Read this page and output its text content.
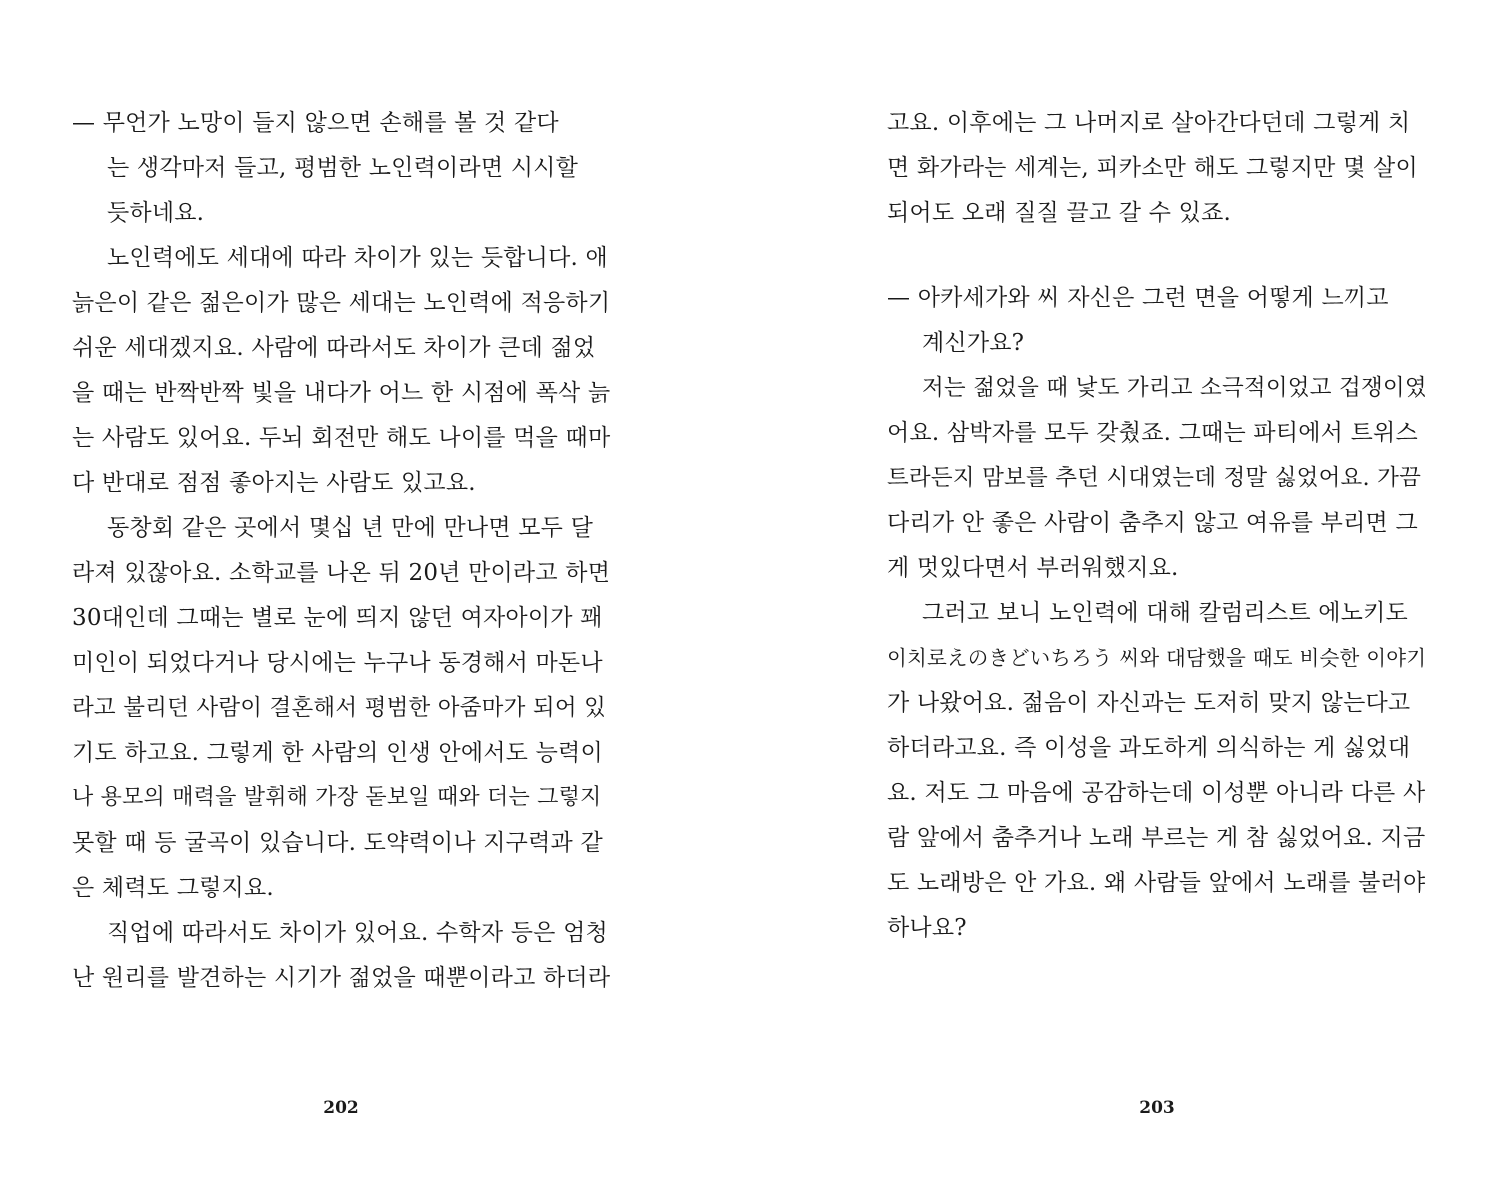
— 무언가 노망이 들지 않으면 손해를 볼 것 같다
는 생각마저 들고, 평범한 노인력이라면 시시할
듯하네요.
노인력에도 세대에 따라 차이가 있는 듯합니다. 애
늙은이 같은 젊은이가 많은 세대는 노인력에 적응하기
쉬운 세대겠지요. 사람에 따라서도 차이가 큰데 젊었
을 때는 반짝반짝 빛을 내다가 어느 한 시점에 폭삭 늙
는 사람도 있어요. 두뇌 회전만 해도 나이를 먹을 때마
다 반대로 점점 좋아지는 사람도 있고요.
동창회 같은 곳에서 몇십 년 만에 만나면 모두 달
라져 있잖아요. 소학교를 나온 뒤 20년 만이라고 하면
30대인데 그때는 별로 눈에 띄지 않던 여자아이가 꽤
미인이 되었다거나 당시에는 누구나 동경해서 마돈나
라고 불리던 사람이 결혼해서 평범한 아줌마가 되어 있
기도 하고요. 그렇게 한 사람의 인생 안에서도 능력이
나 용모의 매력을 발휘해 가장 돋보일 때와 더는 그렇지
못할 때 등 굴곡이 있습니다. 도약력이나 지구력과 같
은 체력도 그렇지요.
직업에 따라서도 차이가 있어요. 수학자 등은 엄청
난 원리를 발견하는 시기가 젊었을 때뿐이라고 하더라
202
고요. 이후에는 그 나머지로 살아간다던데 그렇게 치
면 화가라는 세계는, 피카소만 해도 그렇지만 몇 살이
되어도 오래 질질 끌고 갈 수 있죠.
— 아카세가와 씨 자신은 그런 면을 어떻게 느끼고
계신가요?
저는 젊었을 때 낯도 가리고 소극적이었고 겁쟁이였
어요. 삼박자를 모두 갖췄죠. 그때는 파티에서 트위스
트라든지 맘보를 추던 시대였는데 정말 싫었어요. 가끔
다리가 안 좋은 사람이 춤추지 않고 여유를 부리면 그
게 멋있다면서 부러워했지요.
그러고 보니 노인력에 대해 칼럼리스트 에노키도
이치로えのきどいちろう 씨와 대담했을 때도 비슷한 이야기
가 나왔어요. 젊음이 자신과는 도저히 맞지 않는다고
하더라고요. 즉 이성을 과도하게 의식하는 게 싫었대
요. 저도 그 마음에 공감하는데 이성뿐 아니라 다른 사
람 앞에서 춤추거나 노래 부르는 게 참 싫었어요. 지금
도 노래방은 안 가요. 왜 사람들 앞에서 노래를 불러야
하나요?
203
